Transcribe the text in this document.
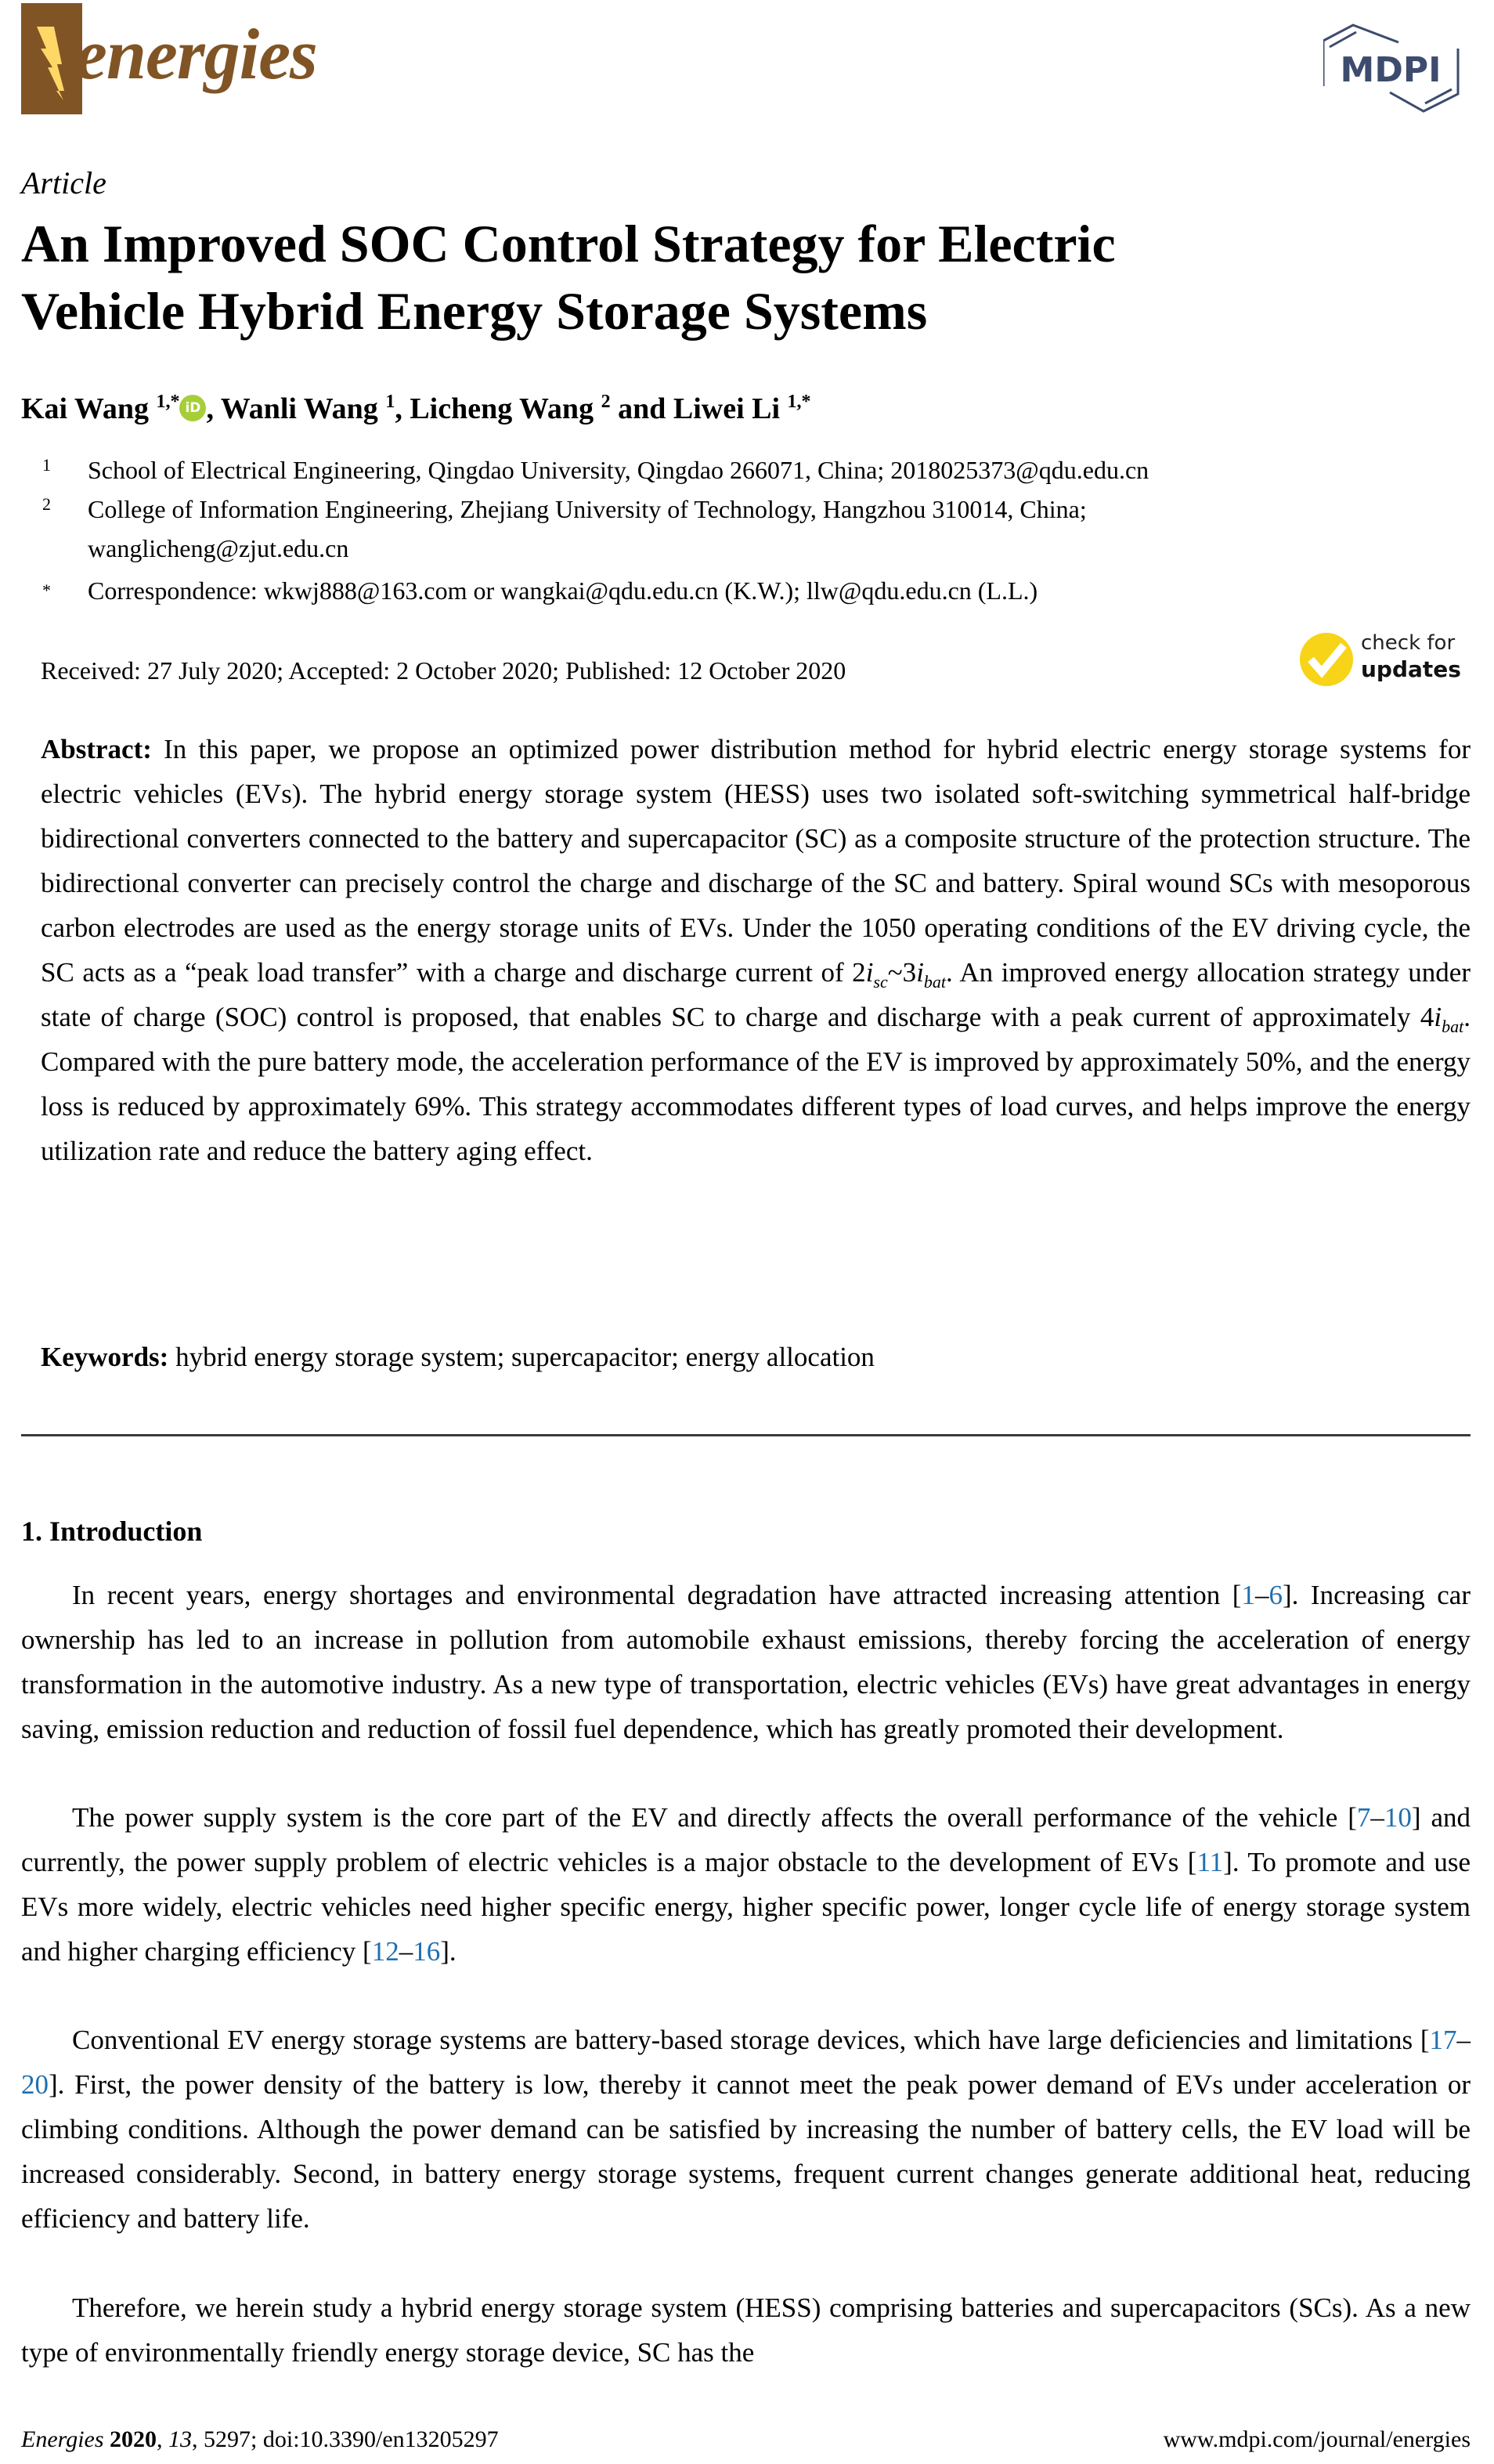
energies	MDPI
Article
An Improved SOC Control Strategy for Electric
Vehicle Hybrid Energy Storage Systems
Kai Wang $^{1,*}$ iD , Wanli Wang $^1$, Licheng Wang $^2$ and Liwei Li $^{1,*}$
1 School of Electrical Engineering, Qingdao University, Qingdao 266071, China; 2018025373@qdu.edu.cn
2 College of Information Engineering, Zhejiang University of Technology, Hangzhou 310014, China;
wanglicheng@zjut.edu.cn
* Correspondence: wkwj888@163.com or wangkai@qdu.edu.cn (K.W.); llw@qdu.edu.cn (L.L.)
Received: 27 July 2020; Accepted: 2 October 2020; Published: 12 October 2020
check for
updates
Abstract: In this paper, we propose an optimized power distribution method for hybrid electric energy storage systems for electric vehicles (EVs). The hybrid energy storage system (HESS) uses two isolated soft-switching symmetrical half-bridge bidirectional converters connected to the battery and supercapacitor (SC) as a composite structure of the protection structure. The bidirectional converter can precisely control the charge and discharge of the SC and battery. Spiral wound SCs with mesoporous carbon electrodes are used as the energy storage units of EVs. Under the 1050 operating conditions of the EV driving cycle, the SC acts as a “peak load transfer” with a charge and discharge current of $2i_{sc}\sim 3i_{bat}$. An improved energy allocation strategy under state of charge (SOC) control is proposed, that enables SC to charge and discharge with a peak current of approximately $4i_{bat}$. Compared with the pure battery mode, the acceleration performance of the EV is improved by approximately 50%, and the energy loss is reduced by approximately 69%. This strategy accommodates different types of load curves, and helps improve the energy utilization rate and reduce the battery aging effect.
Keywords: hybrid energy storage system; supercapacitor; energy allocation
1. Introduction
In recent years, energy shortages and environmental degradation have attracted increasing attention [1–6]. Increasing car ownership has led to an increase in pollution from automobile exhaust emissions, thereby forcing the acceleration of energy transformation in the automotive industry. As a new type of transportation, electric vehicles (EVs) have great advantages in energy saving, emission reduction and reduction of fossil fuel dependence, which has greatly promoted their development.
The power supply system is the core part of the EV and directly affects the overall performance of the vehicle [7–10] and currently, the power supply problem of electric vehicles is a major obstacle to the development of EVs [11]. To promote and use EVs more widely, electric vehicles need higher specific energy, higher specific power, longer cycle life of energy storage system and higher charging efficiency [12–16].
Conventional EV energy storage systems are battery-based storage devices, which have large deficiencies and limitations [17–20]. First, the power density of the battery is low, thereby it cannot meet the peak power demand of EVs under acceleration or climbing conditions. Although the power demand can be satisfied by increasing the number of battery cells, the EV load will be increased considerably. Second, in battery energy storage systems, frequent current changes generate additional heat, reducing efficiency and battery life.
Therefore, we herein study a hybrid energy storage system (HESS) comprising batteries and supercapacitors (SCs). As a new type of environmentally friendly energy storage device, SC has the
Energies 2020, 13, 5297; doi:10.3390/en13205297	www.mdpi.com/journal/energies
